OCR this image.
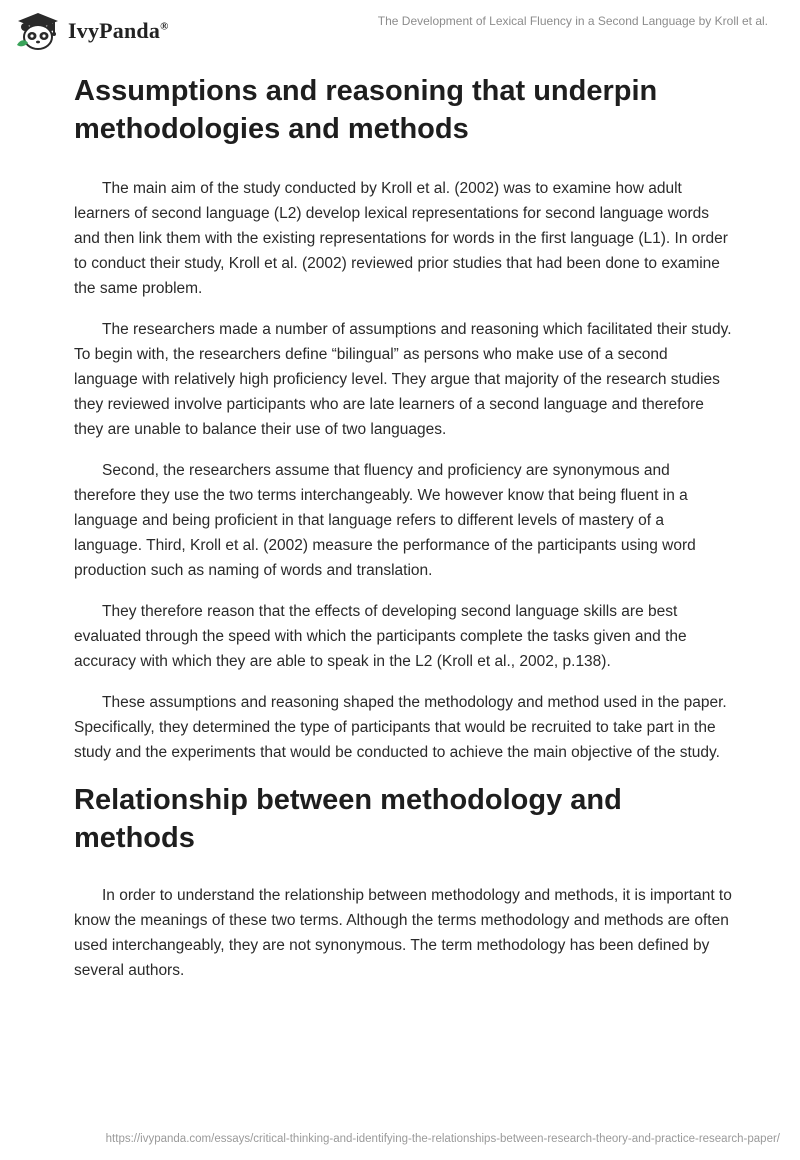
IvyPanda®	The Development of Lexical Fluency in a Second Language by Kroll et al.
Assumptions and reasoning that underpin methodologies and methods

The main aim of the study conducted by Kroll et al. (2002) was to examine how adult learners of second language (L2) develop lexical representations for second language words and then link them with the existing representations for words in the first language (L1). In order to conduct their study, Kroll et al. (2002) reviewed prior studies that had been done to examine the same problem.

The researchers made a number of assumptions and reasoning which facilitated their study. To begin with, the researchers define “bilingual” as persons who make use of a second language with relatively high proficiency level. They argue that majority of the research studies they reviewed involve participants who are late learners of a second language and therefore they are unable to balance their use of two languages.

Second, the researchers assume that fluency and proficiency are synonymous and therefore they use the two terms interchangeably. We however know that being fluent in a language and being proficient in that language refers to different levels of mastery of a language. Third, Kroll et al. (2002) measure the performance of the participants using word production such as naming of words and translation.

They therefore reason that the effects of developing second language skills are best evaluated through the speed with which the participants complete the tasks given and the accuracy with which they are able to speak in the L2 (Kroll et al., 2002, p.138).

These assumptions and reasoning shaped the methodology and method used in the paper. Specifically, they determined the type of participants that would be recruited to take part in the study and the experiments that would be conducted to achieve the main objective of the study.

Relationship between methodology and methods

In order to understand the relationship between methodology and methods, it is important to know the meanings of these two terms. Although the terms methodology and methods are often used interchangeably, they are not synonymous. The term methodology has been defined by several authors.

https://ivypanda.com/essays/critical-thinking-and-identifying-the-relationships-between-research-theory-and-practice-research-paper/
